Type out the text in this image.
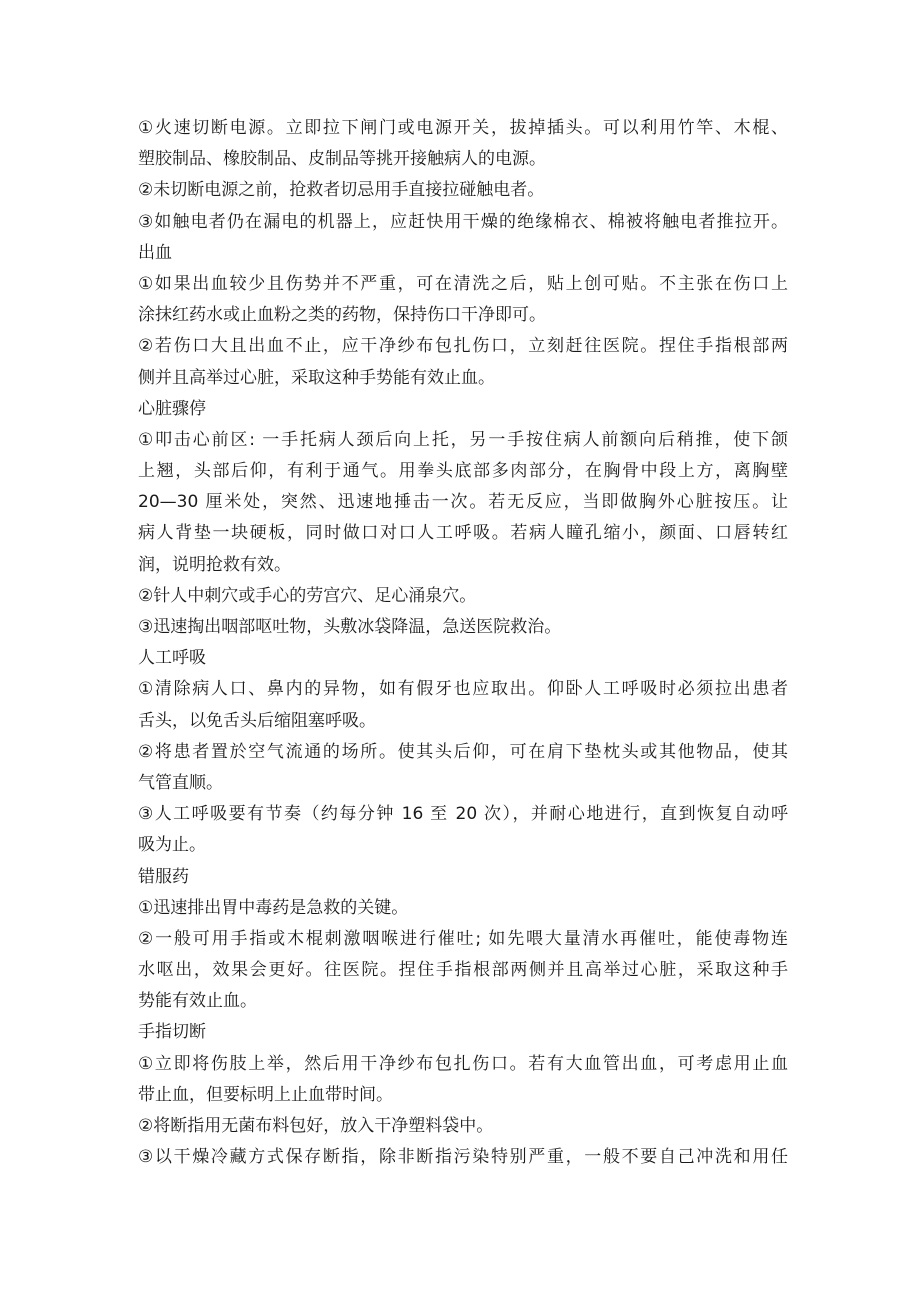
①火速切断电源。立即拉下闸门或电源开关，拔掉插头。可以利用竹竿、木棍、
塑胶制品、橡胶制品、皮制品等挑开接触病人的电源。
②未切断电源之前，抢救者切忌用手直接拉碰触电者。
③如触电者仍在漏电的机器上，应赶快用干燥的绝缘棉衣、棉被将触电者推拉开。
出血
①如果出血较少且伤势并不严重，可在清洗之后，贴上创可贴。不主张在伤口上
涂抹红药水或止血粉之类的药物，保持伤口干净即可。
②若伤口大且出血不止，应干净纱布包扎伤口，立刻赶往医院。捏住手指根部两
侧并且高举过心脏，采取这种手势能有效止血。
心脏骤停
①叩击心前区: 一手托病人颈后向上托，另一手按住病人前额向后稍推，使下颌
上翘，头部后仰，有利于通气。用拳头底部多肉部分，在胸骨中段上方，离胸壁
20—30 厘米处，突然、迅速地捶击一次。若无反应，当即做胸外心脏按压。让
病人背垫一块硬板，同时做口对口人工呼吸。若病人瞳孔缩小，颜面、口唇转红
润，说明抢救有效。
②针人中刺穴或手心的劳宫穴、足心涌泉穴。
③迅速掏出咽部呕吐物，头敷冰袋降温，急送医院救治。
人工呼吸
①清除病人口、鼻内的异物，如有假牙也应取出。仰卧人工呼吸时必须拉出患者
舌头，以免舌头后缩阻塞呼吸。
②将患者置於空气流通的场所。使其头后仰，可在肩下垫枕头或其他物品，使其
气管直顺。
③人工呼吸要有节奏（约每分钟 16 至 20 次），并耐心地进行，直到恢复自动呼
吸为止。
错服药
①迅速排出胃中毒药是急救的关键。
②一般可用手指或木棍刺激咽喉进行催吐; 如先喂大量清水再催吐，能使毒物连
水呕出，效果会更好。往医院。捏住手指根部两侧并且高举过心脏，采取这种手
势能有效止血。
手指切断
①立即将伤肢上举，然后用干净纱布包扎伤口。若有大血管出血，可考虑用止血
带止血，但要标明上止血带时间。
②将断指用无菌布料包好，放入干净塑料袋中。
③以干燥冷藏方式保存断指，除非断指污染特别严重，一般不要自己冲洗和用任
